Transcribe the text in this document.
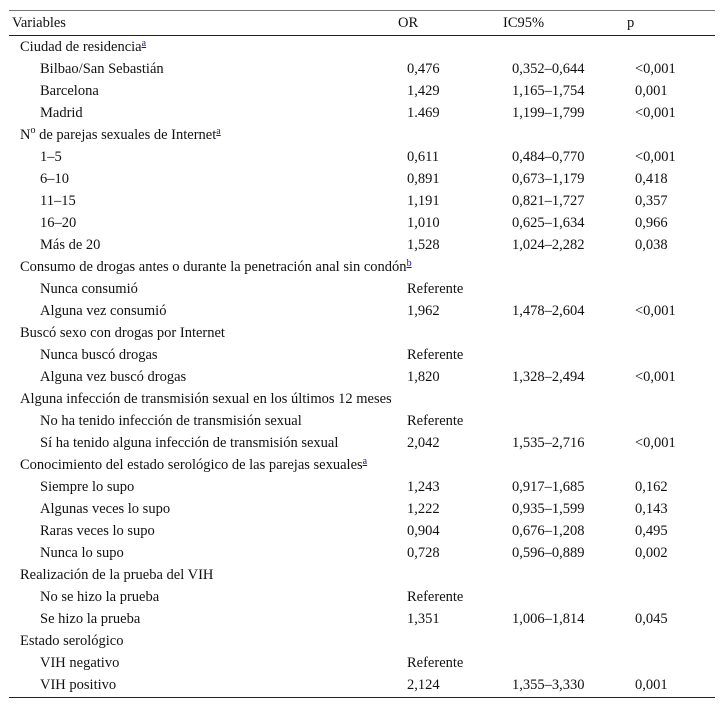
Variables	OR	IC95%	p
Ciudad de residencia$^a$
Bilbao/San Sebastián	0,476	0,352–0,644	<0,001
Barcelona	1,429	1,165–1,754	0,001
Madrid	1.469	1,199–1,799	<0,001
$N^o$ de parejas sexuales de Internet$^a$
1–5	0,611	0,484–0,770	<0,001
6–10	0,891	0,673–1,179	0,418
11–15	1,191	0,821–1,727	0,357
16–20	1,010	0,625–1,634	0,966
Más de 20	1,528	1,024–2,282	0,038
Consumo de drogas antes o durante la penetración anal sin condón$^b$
Nunca consumió	Referente
Alguna vez consumió	1,962	1,478–2,604	<0,001
Buscó sexo con drogas por Internet
Nunca buscó drogas	Referente
Alguna vez buscó drogas	1,820	1,328–2,494	<0,001
Alguna infección de transmisión sexual en los últimos 12 meses
No ha tenido infección de transmisión sexual	Referente
Sí ha tenido alguna infección de transmisión sexual	2,042	1,535–2,716	<0,001
Conocimiento del estado serológico de las parejas sexuales$^a$
Siempre lo supo	1,243	0,917–1,685	0,162
Algunas veces lo supo	1,222	0,935–1,599	0,143
Raras veces lo supo	0,904	0,676–1,208	0,495
Nunca lo supo	0,728	0,596–0,889	0,002
Realización de la prueba del VIH
No se hizo la prueba	Referente
Se hizo la prueba	1,351	1,006–1,814	0,045
Estado serológico
VIH negativo	Referente
VIH positivo	2,124	1,355–3,330	0,001
